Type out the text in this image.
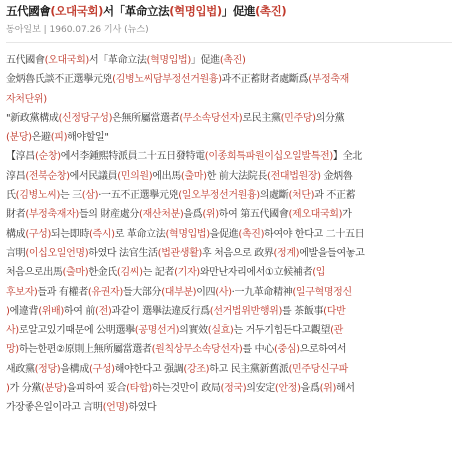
五代國會(오대국회)서「革命立法(혁명입법)」促進(촉진)
동아일보 | 1960.07.26 기사 (뉴스)
五代國會(오대국회)서「革命立法(혁명입법)」促進(촉진)
金炳魯氏談不正選擧元兇(김병노씨담부정선거원흉)과不正蓄財者處斷爲(부정축재
자처단위)
"新政黨構成(신정당구성)은無所屬當選者(무소속당선자)로民主黨(민주당)의分黨
(분당)은避(피)해야할일"
【淳昌(순창)에서李鍾熙特派員二十五日發特電(이종희특파원이십오일발특전)】全北
淳昌(전북순창)에서民議員(민의원)에出馬(출마)한 前大法院長(전대법원장) 金炳魯
氏(김병노씨)는 三(삼)·一五不正選擧元兇(일오부정선거원흉)의處斷(처단)과 不正蓄
財者(부정축재자)들의 財産處分(재산처분)을爲(위)하여 第五代國會(제오대국회)가
構成(구성)되는即時(즉시)로 革命立法(혁명입법)을促進(촉진)하여야 한다고 二十五日
言明(이십오일언명)하였다 法官生活(법관생활)후 처음으로 政界(정계)에발을들여놓고
처음으로出馬(출마)한金氏(김씨)는 記者(기자)와만난자리에서①立候補者(입
후보자)들과 有權者(유권자)들大部分(대부분)이四(사)·一九革命精神(일구혁명정신
)에違背(위배)하여 前(전)과같이 選擧法違反行爲(선거법위반행위)를 茶飯事(다반
사)로알고있기때문에 公明選擧(공명선거)의實效(실효)는 거두기힘든다고觀望(관
망)하는한편②原則上無所屬當選者(원칙상무소속당선자)를 中心(중심)으로하여서
새政黨(정당)을構成(구성)해야한다고 强調(강조)하고 民主黨新舊派(민주당신구파
)가 分黨(분당)을피하여 妥合(타합)하는것만이 政局(정국)의安定(안정)을爲(위)해서
가장좋은일이라고 言明(언명)하였다
